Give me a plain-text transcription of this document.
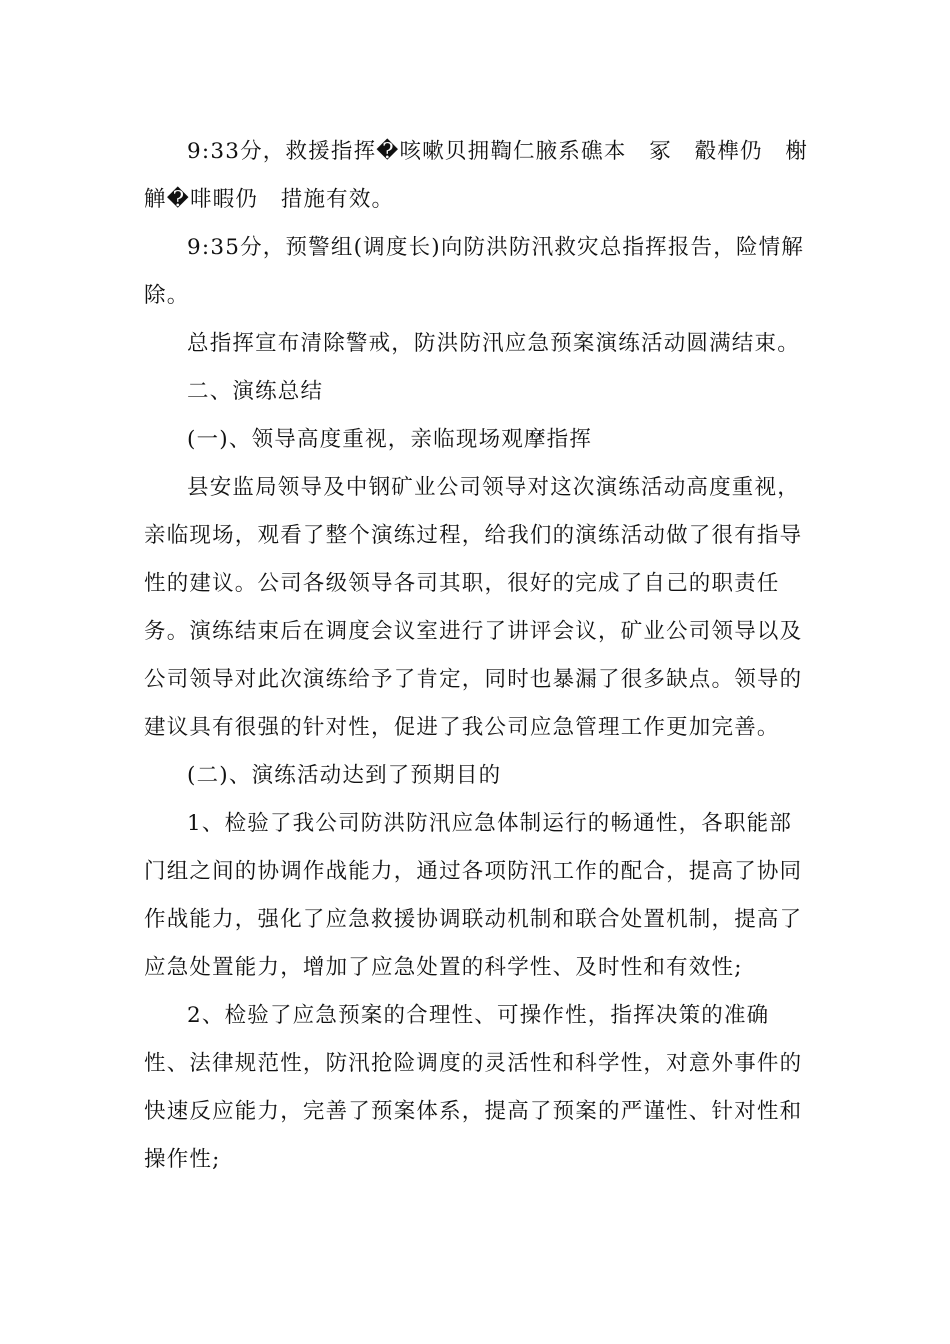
9:33分，救援指挥�咳嗽贝拥鞫仁腋系礁本　冢　觳榫仍　榭觯�啡暇仍　措施有效。

9:35分，预警组(调度长)向防洪防汛救灾总指挥报告，险情解除。

总指挥宣布清除警戒，防洪防汛应急预案演练活动圆满结束。

二、演练总结

(一)、领导高度重视，亲临现场观摩指挥

县安监局领导及中钢矿业公司领导对这次演练活动高度重视，亲临现场，观看了整个演练过程，给我们的演练活动做了很有指导性的建议。公司各级领导各司其职，很好的完成了自己的职责任务。演练结束后在调度会议室进行了讲评会议，矿业公司领导以及公司领导对此次演练给予了肯定，同时也暴漏了很多缺点。领导的建议具有很强的针对性，促进了我公司应急管理工作更加完善。

(二)、演练活动达到了预期目的

1、检验了我公司防洪防汛应急体制运行的畅通性，各职能部门组之间的协调作战能力，通过各项防汛工作的配合，提高了协同作战能力，强化了应急救援协调联动机制和联合处置机制，提高了应急处置能力，增加了应急处置的科学性、及时性和有效性;

2、检验了应急预案的合理性、可操作性，指挥决策的准确性、法律规范性，防汛抢险调度的灵活性和科学性，对意外事件的快速反应能力，完善了预案体系，提高了预案的严谨性、针对性和操作性;
